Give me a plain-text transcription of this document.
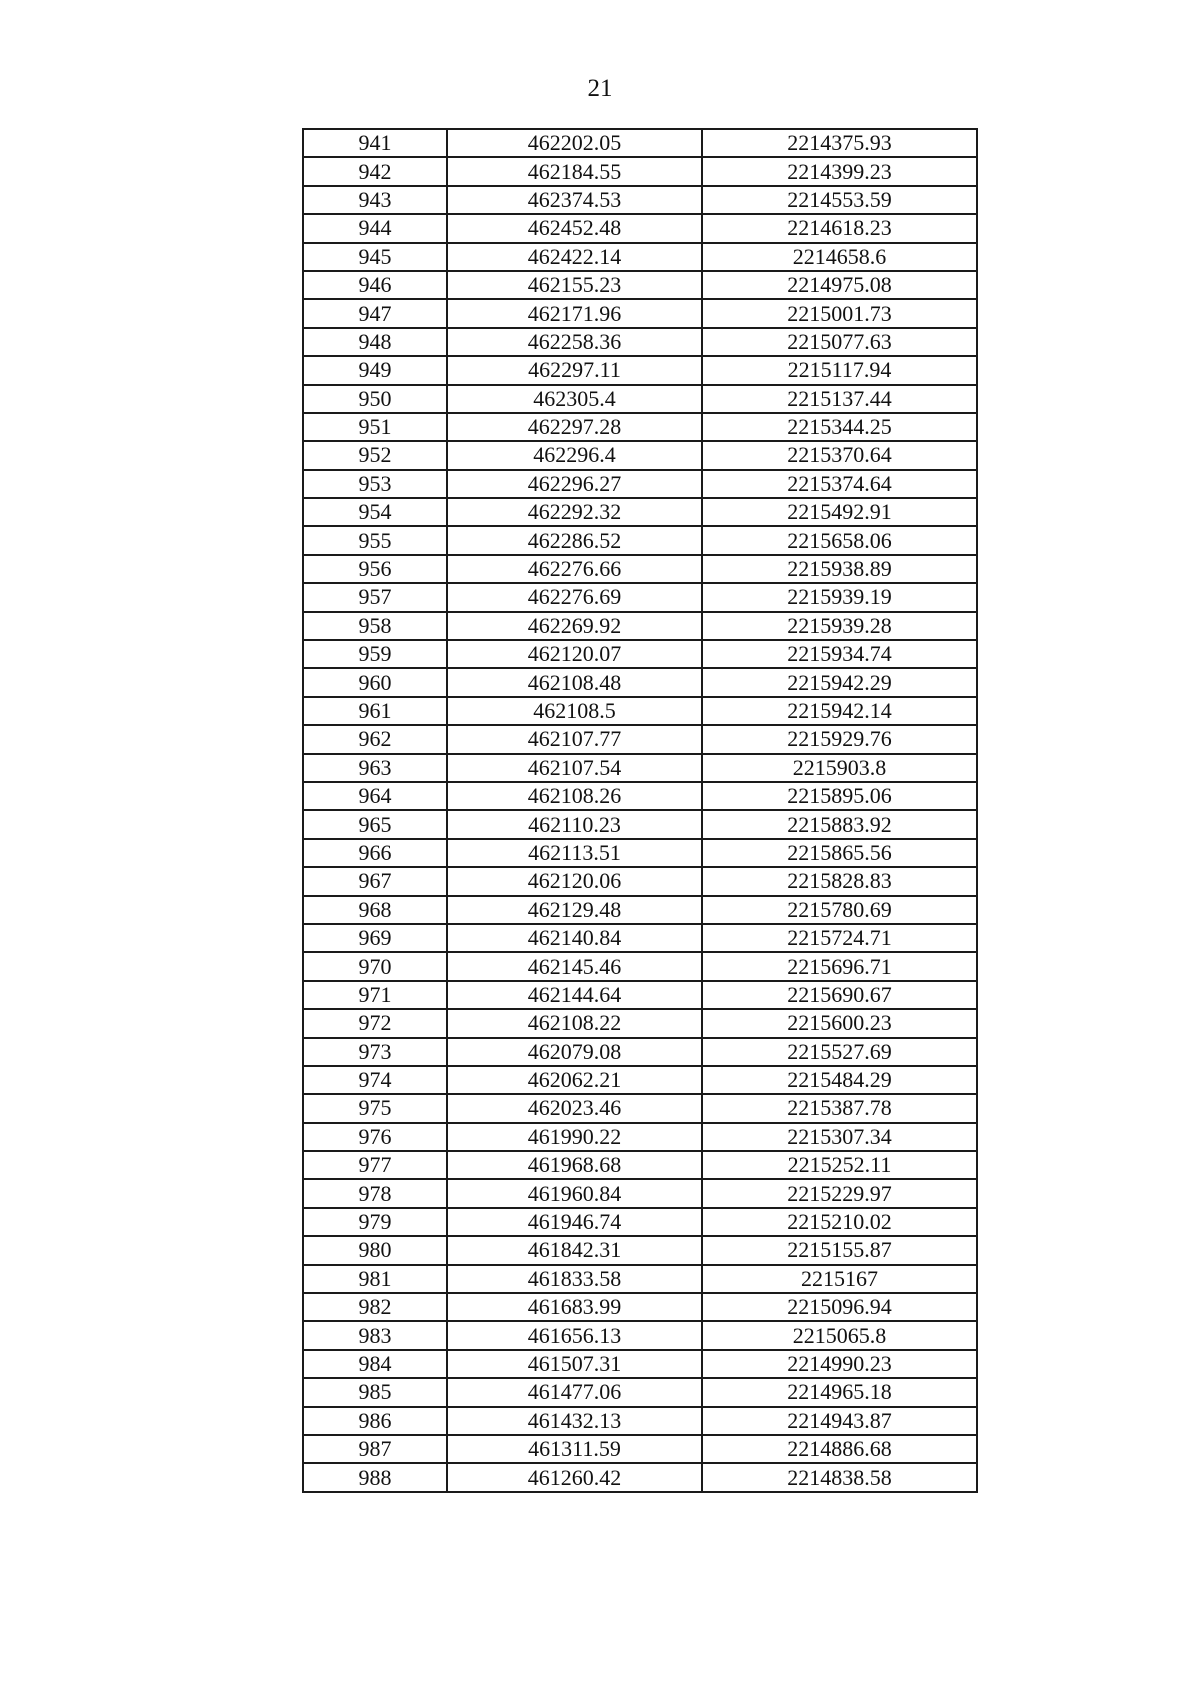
21
941	462202.05	2214375.93
942	462184.55	2214399.23
943	462374.53	2214553.59
944	462452.48	2214618.23
945	462422.14	2214658.6
946	462155.23	2214975.08
947	462171.96	2215001.73
948	462258.36	2215077.63
949	462297.11	2215117.94
950	462305.4	2215137.44
951	462297.28	2215344.25
952	462296.4	2215370.64
953	462296.27	2215374.64
954	462292.32	2215492.91
955	462286.52	2215658.06
956	462276.66	2215938.89
957	462276.69	2215939.19
958	462269.92	2215939.28
959	462120.07	2215934.74
960	462108.48	2215942.29
961	462108.5	2215942.14
962	462107.77	2215929.76
963	462107.54	2215903.8
964	462108.26	2215895.06
965	462110.23	2215883.92
966	462113.51	2215865.56
967	462120.06	2215828.83
968	462129.48	2215780.69
969	462140.84	2215724.71
970	462145.46	2215696.71
971	462144.64	2215690.67
972	462108.22	2215600.23
973	462079.08	2215527.69
974	462062.21	2215484.29
975	462023.46	2215387.78
976	461990.22	2215307.34
977	461968.68	2215252.11
978	461960.84	2215229.97
979	461946.74	2215210.02
980	461842.31	2215155.87
981	461833.58	2215167
982	461683.99	2215096.94
983	461656.13	2215065.8
984	461507.31	2214990.23
985	461477.06	2214965.18
986	461432.13	2214943.87
987	461311.59	2214886.68
988	461260.42	2214838.58
